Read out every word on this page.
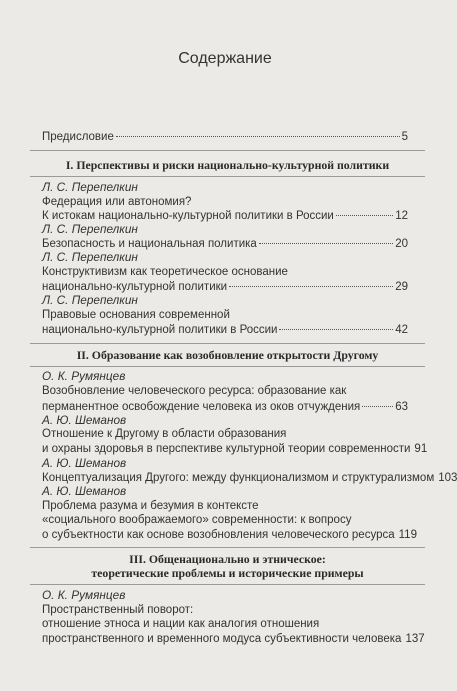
Содержание
Предисловие	5
I. Перспективы и риски национально-культурной политики
Л. С. Перепелкин
Федерация или автономия?
К истокам национально-культурной политики в России	12
Л. С. Перепелкин
Безопасность и национальная политика	20
Л. С. Перепелкин
Конструктивизм как теоретическое основание
национально-культурной политики	29
Л. С. Перепелкин
Правовые основания современной
национально-культурной политики в России	42
II. Образование как возобновление открытости Другому
О. К. Румянцев
Возобновление человеческого ресурса: образование как
перманентное освобождение человека из оков отчуждения	63
А. Ю. Шеманов
Отношение к Другому в области образования
и охраны здоровья в перспективе культурной теории современности 91
А. Ю. Шеманов
Концептуализация Другого: между функционализмом и структурализмом 103
А. Ю. Шеманов
Проблема разума и безумия в контексте
«социального воображаемого» современности: к вопросу
о субъектности как основе возобновления человеческого ресурса 119
III. Общенационально и этническое:
теоретические проблемы и исторические примеры
О. К. Румянцев
Пространственный поворот:
отношение этноса и нации как аналогия отношения
пространственного и временного модуса субъективности человека 137
